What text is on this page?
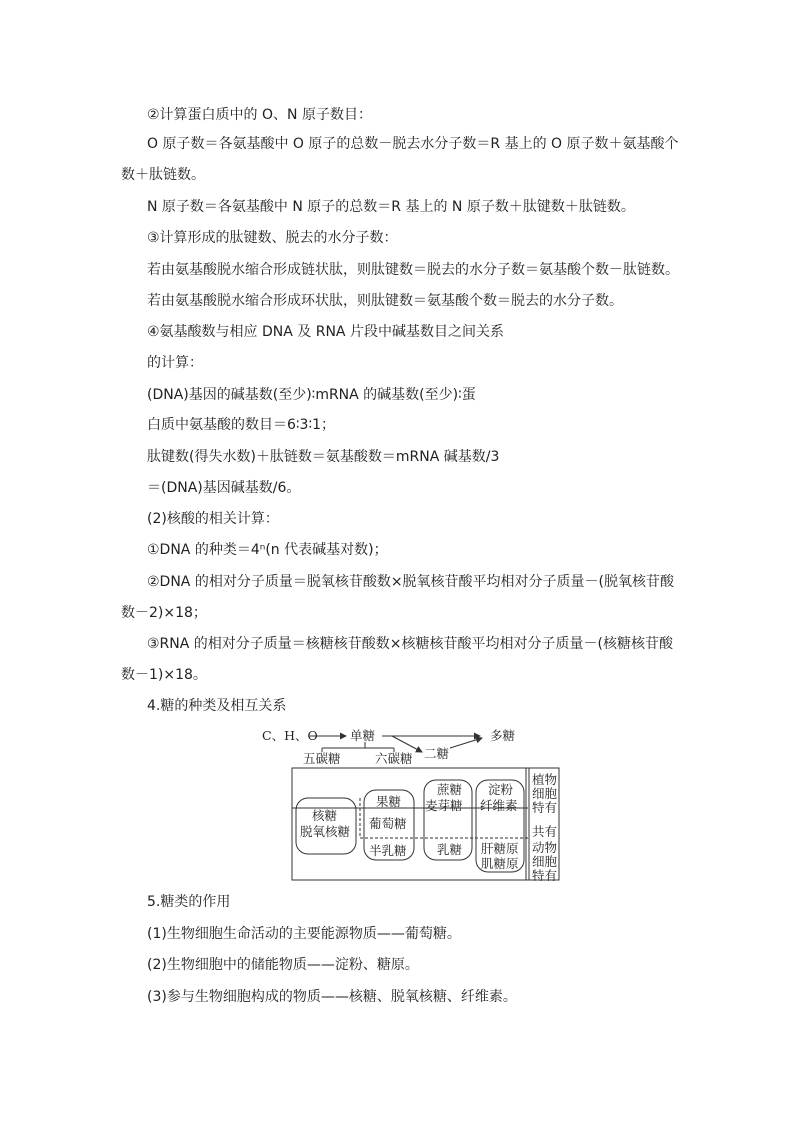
②计算蛋白质中的 O、N 原子数目：
O 原子数＝各氨基酸中 O 原子的总数－脱去水分子数＝R 基上的 O 原子数＋氨基酸个
数＋肽链数。
N 原子数＝各氨基酸中 N 原子的总数＝R 基上的 N 原子数＋肽键数＋肽链数。
③计算形成的肽键数、脱去的水分子数：
若由氨基酸脱水缩合形成链状肽，则肽键数＝脱去的水分子数＝氨基酸个数－肽链数。
若由氨基酸脱水缩合形成环状肽，则肽键数＝氨基酸个数＝脱去的水分子数。
④氨基酸数与相应 DNA 及 RNA 片段中碱基数目之间关系
的计算：
(DNA)基因的碱基数(至少)∶mRNA 的碱基数(至少)∶蛋
白质中氨基酸的数目＝6∶3∶1；
肽键数(得失水数)＋肽链数＝氨基酸数＝mRNA 碱基数/3
＝(DNA)基因碱基数/6。
(2)核酸的相关计算：
①DNA 的种类＝4ⁿ(n 代表碱基对数)；
②DNA 的相对分子质量＝脱氧核苷酸数×脱氧核苷酸平均相对分子质量－(脱氧核苷酸
数－2)×18；
③RNA 的相对分子质量＝核糖核苷酸数×核糖核苷酸平均相对分子质量－(核糖核苷酸
数－1)×18。
4.糖的种类及相互关系
C、H、O	单糖
二糖
多糖
五碳糖	六碳糖
核糖
脱氧核糖
果糖
葡萄糖
半乳糖
蔗糖
麦芽糖
乳糖
淀粉
纤维素
肝糖原
肌糖原
植物
细胞
特有
共有
动物
细胞
特有
5.糖类的作用
(1)生物细胞生命活动的主要能源物质——葡萄糖。
(2)生物细胞中的储能物质——淀粉、糖原。
(3)参与生物细胞构成的物质——核糖、脱氧核糖、纤维素。
